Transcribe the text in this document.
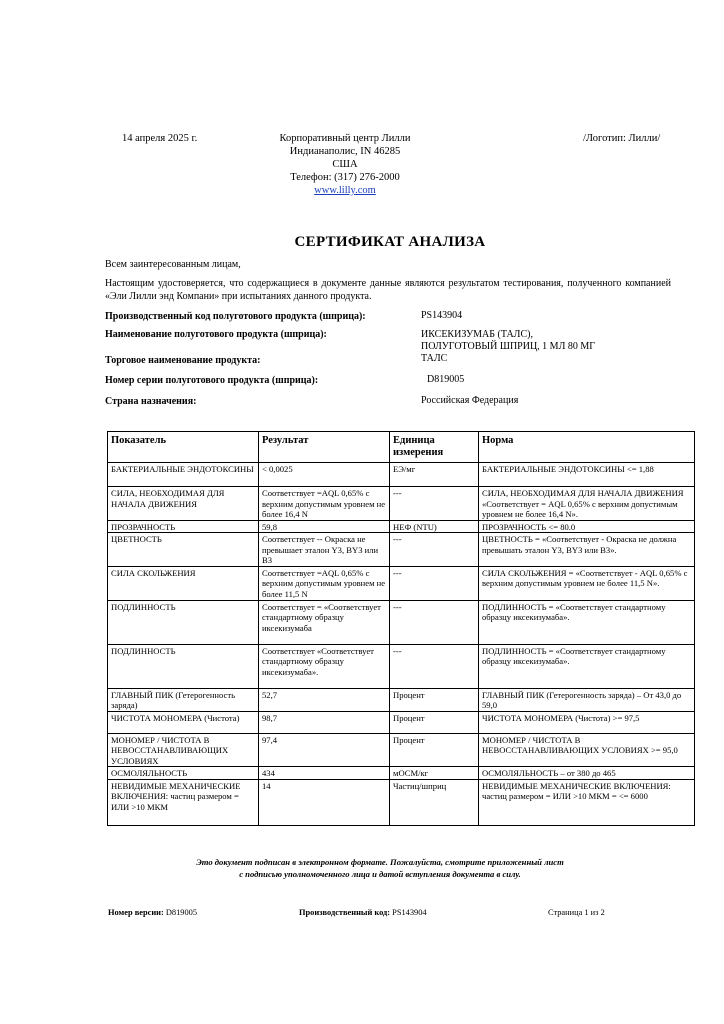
14 апреля 2025 г.	Корпоративный центр Лилли
Индианаполис, IN 46285
США
Телефон: (317) 276-2000
www.lilly.com
/Логотип: Лилли/
СЕРТИФИКАТ АНАЛИЗА
Всем заинтересованным лицам,
Настоящим удостоверяется, что содержащиеся в документе данные являются результатом тестирования, полученного компанией «Эли Лилли энд Компани» при испытаниях данного продукта.
Производственный код полуготового продукта (шприца):	PS143904
Наименование полуготового продукта (шприца):	ИКСЕКИЗУМАБ (ТАЛС),
ПОЛУГОТОВЫЙ ШПРИЦ, 1 МЛ 80 МГ
Торговое наименование продукта:	ТАЛС
Номер серии полуготового продукта (шприца):	D819005
Страна назначения:	Российская Федерация
Показатель	Результат	Единица измерения	Норма
БАКТЕРИАЛЬНЫЕ ЭНДОТОКСИНЫ	< 0,0025	ЕЭ/мг	БАКТЕРИАЛЬНЫЕ ЭНДОТОКСИНЫ <= 1,88
СИЛА, НЕОБХОДИМАЯ ДЛЯ НАЧАЛА ДВИЖЕНИЯ	Соответствует =AQL 0,65% с верхним допустимым уровнем не более 16,4 N	---	СИЛА, НЕОБХОДИМАЯ ДЛЯ НАЧАЛА ДВИЖЕНИЯ «Соответствует = AQL 0,65% с верхним допустимым уровнем не более 16,4 N».
ПРОЗРАЧНОСТЬ	59,8	НЕФ (NTU)	ПРОЗРАЧНОСТЬ <= 80.0
ЦВЕТНОСТЬ	Соответствует -- Окраска не превышает эталон Y3, BY3 или B3	---	ЦВЕТНОСТЬ = «Соответствует - Окраска не должна превышать эталон Y3, BY3 или B3».
СИЛА СКОЛЬЖЕНИЯ	Соответствует =AQL 0,65% с верхним допустимым уровнем не более 11,5 N	---	СИЛА СКОЛЬЖЕНИЯ = «Соответствует - AQL 0,65% с верхним допустимым уровнем не более 11,5 N».
ПОДЛИННОСТЬ	Соответствует = «Соответствует стандартному образцу иксекизумаба	---	ПОДЛИННОСТЬ = «Соответствует стандартному образцу иксекизумаба».
ПОДЛИННОСТЬ	Соответствует «Соответствует стандартному образцу иксекизумаба».	---	ПОДЛИННОСТЬ = «Соответствует стандартному образцу иксекизумаба».
ГЛАВНЫЙ ПИК (Гетерогенность заряда)	52,7	Процент	ГЛАВНЫЙ ПИК (Гетерогенность заряда) – От 43,0 до 59,0
ЧИСТОТА МОНОМЕРА (Чистота)	98,7	Процент	ЧИСТОТА МОНОМЕРА (Чистота) >= 97,5
МОНОМЕР / ЧИСТОТА В НЕВОССТАНАВЛИВАЮЩИХ УСЛОВИЯХ	97,4	Процент	МОНОМЕР / ЧИСТОТА В НЕВОССТАНАВЛИВАЮЩИХ УСЛОВИЯХ >= 95,0
ОСМОЛЯЛЬНОСТЬ	434	мОСМ/кг	ОСМОЛЯЛЬНОСТЬ – от 380 до 465
НЕВИДИМЫЕ МЕХАНИЧЕСКИЕ ВКЛЮЧЕНИЯ: частиц размером = ИЛИ >10 МКМ	14	Частиц/шприц	НЕВИДИМЫЕ МЕХАНИЧЕСКИЕ ВКЛЮЧЕНИЯ: частиц размером = ИЛИ >10 МКМ = <= 6000
Это документ подписан в электронном формате. Пожалуйста, смотрите приложенный лист
с подписью уполномоченного лица и датой вступления документа в силу.
Номер версии: D819005	Производственный код: PS143904	Страница 1 из 2
